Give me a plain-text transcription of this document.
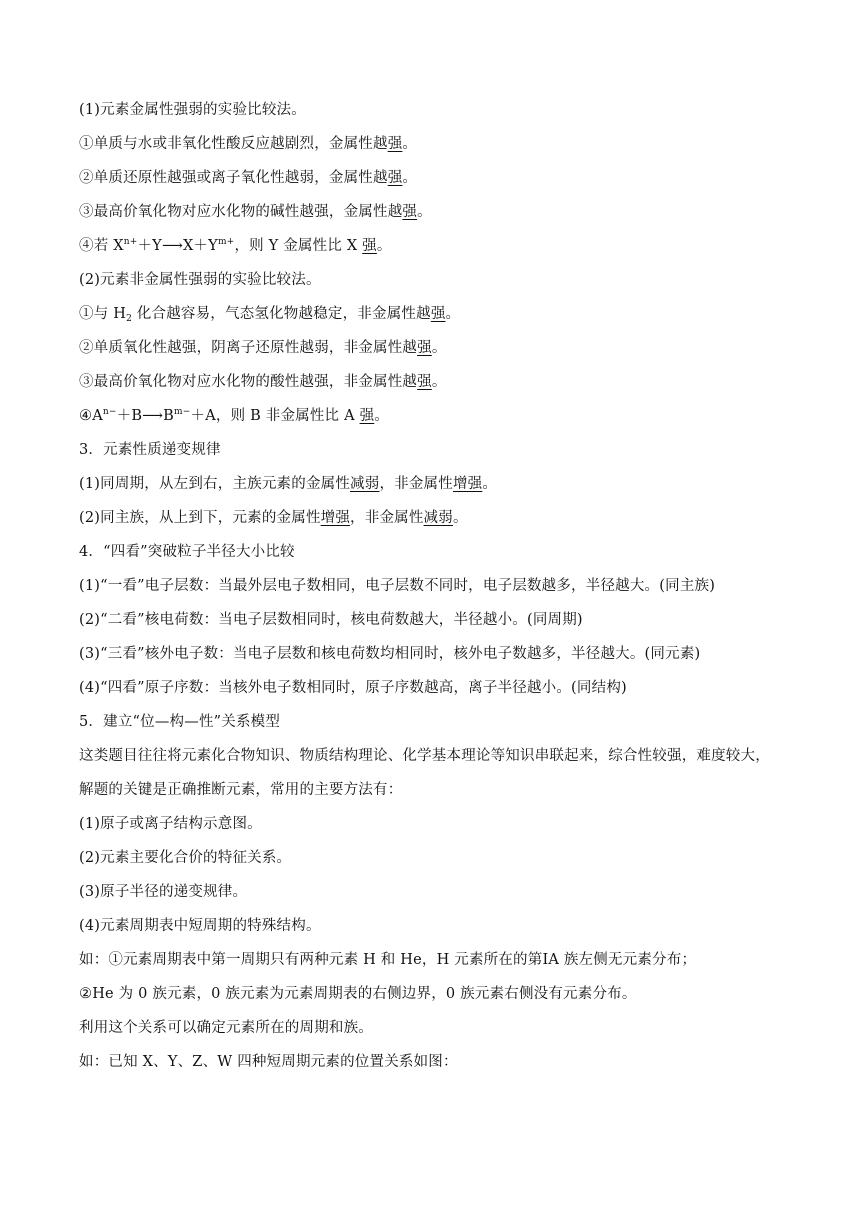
(1)元素金属性强弱的实验比较法。
①单质与水或非氧化性酸反应越剧烈，金属性越强。
②单质还原性越强或离子氧化性越弱，金属性越强。
③最高价氧化物对应水化物的碱性越强，金属性越强。
④若 $X^{n+}+Y⟶X+Y^{m+}$，则 Y 金属性比 X 强。
(2)元素非金属性强弱的实验比较法。
①与 $H_2$ 化合越容易，气态氢化物越稳定，非金属性越强。
②单质氧化性越强，阴离子还原性越弱，非金属性越强。
③最高价氧化物对应水化物的酸性越强，非金属性越强。
$④A^{n-}+B⟶B^{m-}+A$，则 B 非金属性比 A 强。
3．元素性质递变规律
(1)同周期，从左到右，主族元素的金属性减弱，非金属性增强。
(2)同主族，从上到下，元素的金属性增强，非金属性减弱。
4．“四看”突破粒子半径大小比较
(1)“一看”电子层数：当最外层电子数相同，电子层数不同时，电子层数越多，半径越大。(同主族)
(2)“二看”核电荷数：当电子层数相同时，核电荷数越大，半径越小。(同周期)
(3)“三看”核外电子数：当电子层数和核电荷数均相同时，核外电子数越多，半径越大。(同元素)
(4)“四看”原子序数：当核外电子数相同时，原子序数越高，离子半径越小。(同结构)
5．建立“位—构—性”关系模型
这类题目往往将元素化合物知识、物质结构理论、化学基本理论等知识串联起来，综合性较强，难度较大，
解题的关键是正确推断元素，常用的主要方法有：
(1)原子或离子结构示意图。
(2)元素主要化合价的特征关系。
(3)原子半径的递变规律。
(4)元素周期表中短周期的特殊结构。
如：①元素周期表中第一周期只有两种元素 H 和 He，H 元素所在的第ⅠA 族左侧无元素分布；
②He 为 0 族元素，0 族元素为元素周期表的右侧边界，0 族元素右侧没有元素分布。
利用这个关系可以确定元素所在的周期和族。
如：已知 X、Y、Z、W 四种短周期元素的位置关系如图：
